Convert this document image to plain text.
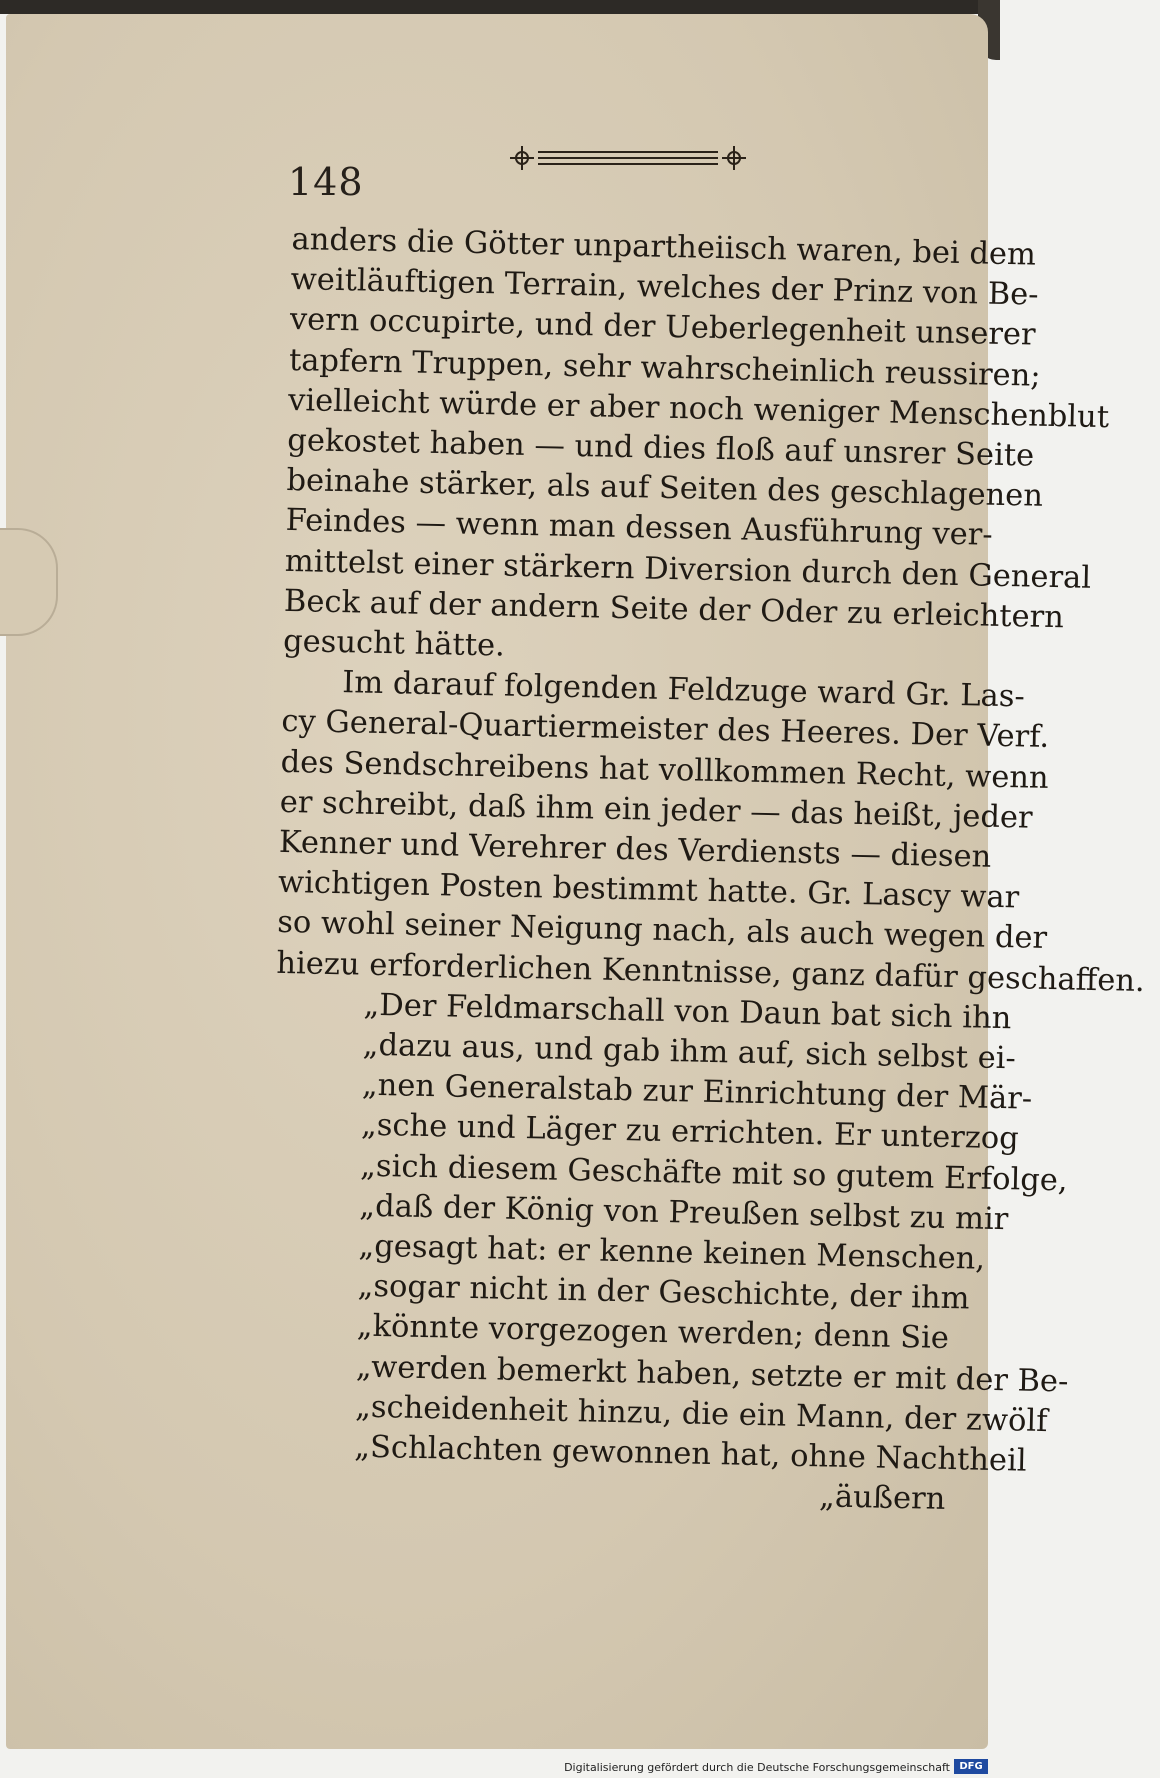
148
anders die Götter unpartheiisch waren, bei dem
weitläuftigen Terrain, welches der Prinz von Be-
vern occupirte, und der Ueberlegenheit unserer
tapfern Truppen, sehr wahrscheinlich reussiren;
vielleicht würde er aber noch weniger Menschenblut
gekostet haben — und dies floß auf unsrer Seite
beinahe stärker, als auf Seiten des geschlagenen
Feindes — wenn man dessen Ausführung ver-
mittelst einer stärkern Diversion durch den General
Beck auf der andern Seite der Oder zu erleichtern
gesucht hätte.
Im darauf folgenden Feldzuge ward Gr. Las-
cy General-Quartiermeister des Heeres. Der Verf.
des Sendschreibens hat vollkommen Recht, wenn
er schreibt, daß ihm ein jeder — das heißt, jeder
Kenner und Verehrer des Verdiensts — diesen
wichtigen Posten bestimmt hatte. Gr. Lascy war
so wohl seiner Neigung nach, als auch wegen der
hiezu erforderlichen Kenntnisse, ganz dafür geschaffen.
„Der Feldmarschall von Daun bat sich ihn
„dazu aus, und gab ihm auf, sich selbst ei-
„nen Generalstab zur Einrichtung der Mär-
„sche und Läger zu errichten. Er unterzog
„sich diesem Geschäfte mit so gutem Erfolge,
„daß der König von Preußen selbst zu mir
„gesagt hat: er kenne keinen Menschen,
„sogar nicht in der Geschichte, der ihm
„könnte vorgezogen werden; denn Sie
„werden bemerkt haben, setzte er mit der Be-
„scheidenheit hinzu, die ein Mann, der zwölf
„Schlachten gewonnen hat, ohne Nachtheil
„äußern
Digitalisierung gefördert durch die Deutsche Forschungsgemeinschaft DFG
